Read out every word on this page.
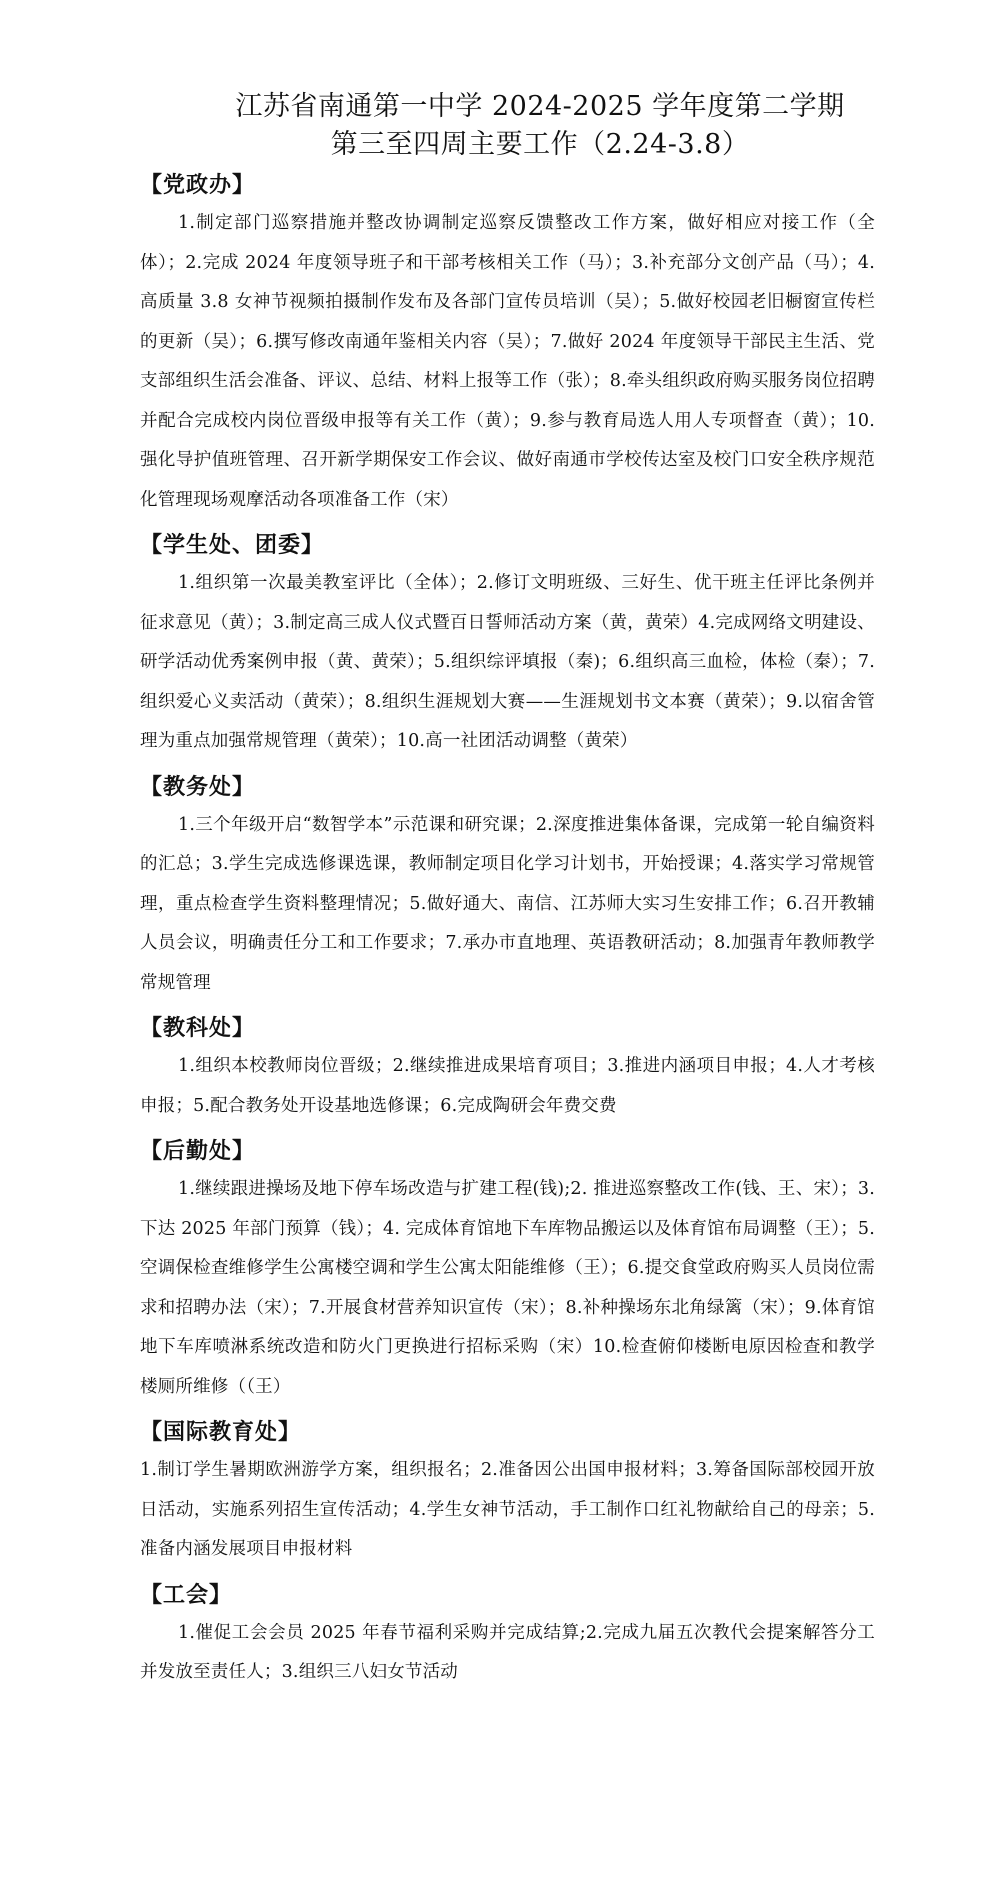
江苏省南通第一中学 2024-2025 学年度第二学期
第三至四周主要工作（2.24-3.8）
【党政办】

1.制定部门巡察措施并整改协调制定巡察反馈整改工作方案，做好相应对接工作（全体）；2.完成 2024 年度领导班子和干部考核相关工作（马）；3.补充部分文创产品（马）；4.高质量 3.8 女神节视频拍摄制作发布及各部门宣传员培训（吴）；5.做好校园老旧橱窗宣传栏的更新（吴）；6.撰写修改南通年鉴相关内容（吴）；7.做好 2024 年度领导干部民主生活、党支部组织生活会准备、评议、总结、材料上报等工作（张）；8.牵头组织政府购买服务岗位招聘并配合完成校内岗位晋级申报等有关工作（黄）；9.参与教育局选人用人专项督查（黄）；10.强化导护值班管理、召开新学期保安工作会议、做好南通市学校传达室及校门口安全秩序规范化管理现场观摩活动各项准备工作（宋）

【学生处、团委】

1.组织第一次最美教室评比（全体）；2.修订文明班级、三好生、优干班主任评比条例并征求意见（黄）；3.制定高三成人仪式暨百日誓师活动方案（黄，黄荣）4.完成网络文明建设、研学活动优秀案例申报（黄、黄荣）；5.组织综评填报（秦)；6.组织高三血检，体检（秦）；7.组织爱心义卖活动（黄荣）；8.组织生涯规划大赛——生涯规划书文本赛（黄荣）；9.以宿舍管理为重点加强常规管理（黄荣）；10.高一社团活动调整（黄荣）

【教务处】

1.三个年级开启“数智学本”示范课和研究课；2.深度推进集体备课，完成第一轮自编资料的汇总；3.学生完成选修课选课，教师制定项目化学习计划书，开始授课；4.落实学习常规管理，重点检查学生资料整理情况；5.做好通大、南信、江苏师大实习生安排工作；6.召开教辅人员会议，明确责任分工和工作要求；7.承办市直地理、英语教研活动；8.加强青年教师教学常规管理

【教科处】

1.组织本校教师岗位晋级；2.继续推进成果培育项目；3.推进内涵项目申报；4.人才考核申报；5.配合教务处开设基地选修课；6.完成陶研会年费交费

【后勤处】

1.继续跟进操场及地下停车场改造与扩建工程(钱);2. 推进巡察整改工作(钱、王、宋）；3.下达 2025 年部门预算（钱）；4. 完成体育馆地下车库物品搬运以及体育馆布局调整（王）；5.空调保检查维修学生公寓楼空调和学生公寓太阳能维修（王）；6.提交食堂政府购买人员岗位需求和招聘办法（宋）；7.开展食材营养知识宣传（宋）；8.补种操场东北角绿篱（宋）；9.体育馆地下车库喷淋系统改造和防火门更换进行招标采购（宋）10.检查俯仰楼断电原因检查和教学楼厕所维修（（王）

【国际教育处】

1.制订学生暑期欧洲游学方案，组织报名；2.准备因公出国申报材料；3.筹备国际部校园开放日活动，实施系列招生宣传活动；4.学生女神节活动，手工制作口红礼物献给自己的母亲；5.准备内涵发展项目申报材料

【工会】

1.催促工会会员 2025 年春节福利采购并完成结算;2.完成九届五次教代会提案解答分工并发放至责任人；3.组织三八妇女节活动
